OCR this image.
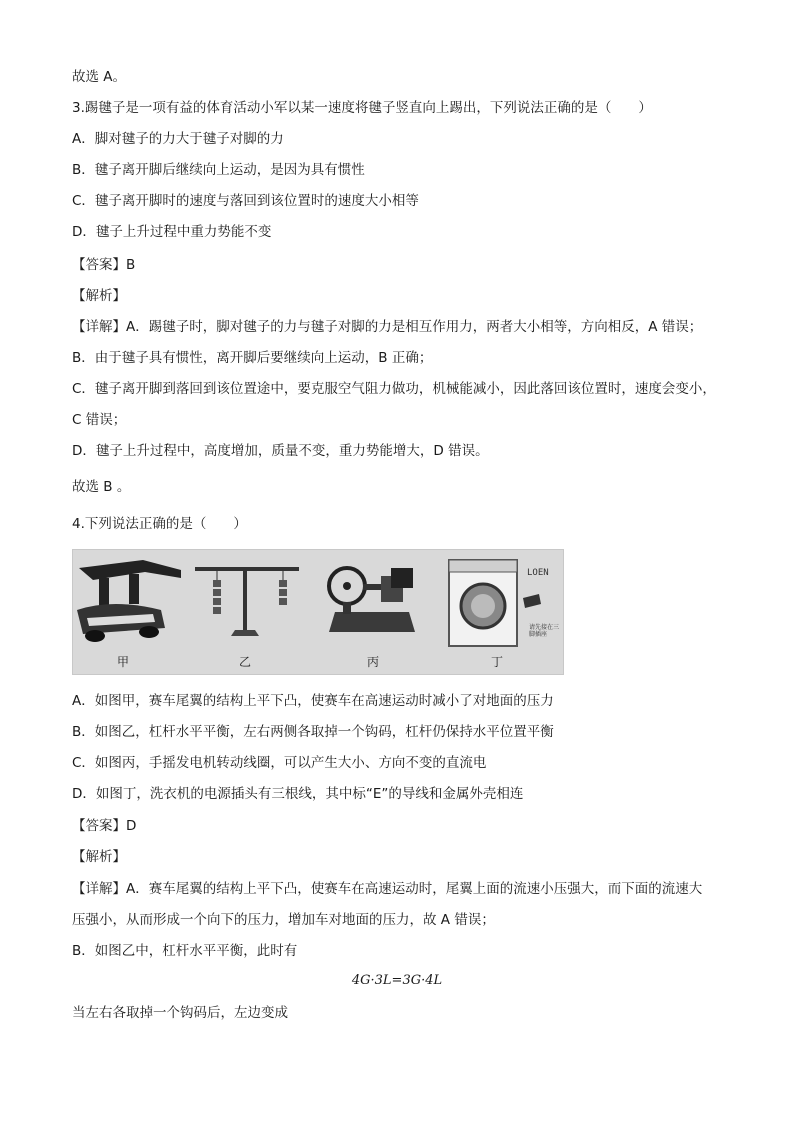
故选 A。
3.踢毽子是一项有益的体育活动小军以某一速度将毽子竖直向上踢出，下列说法正确的是（　　）
A．脚对毽子的力大于毽子对脚的力
B．毽子离开脚后继续向上运动，是因为具有惯性
C．毽子离开脚时的速度与落回到该位置时的速度大小相等
D．毽子上升过程中重力势能不变
【答案】B
【解析】
【详解】A．踢毽子时，脚对毽子的力与毽子对脚的力是相互作用力，两者大小相等，方向相反，A 错误；
B．由于毽子具有惯性，离开脚后要继续向上运动，B 正确；
C．毽子离开脚到落回到该位置途中，要克服空气阻力做功，机械能减小，因此落回该位置时，速度会变小，
C 错误；
D．毽子上升过程中，高度增加，质量不变，重力势能增大，D 错误。
故选 B 。
4.下列说法正确的是（　　）
甲	乙	丙
LOEN
请先接在三脚插座
丁
A．如图甲，赛车尾翼的结构上平下凸，使赛车在高速运动时减小了对地面的压力
B．如图乙，杠杆水平平衡，左右两侧各取掉一个钩码，杠杆仍保持水平位置平衡
C．如图丙，手摇发电机转动线圈，可以产生大小、方向不变的直流电
D．如图丁，洗衣机的电源插头有三根线，其中标“E”的导线和金属外壳相连
【答案】D
【解析】
【详解】A．赛车尾翼的结构上平下凸，使赛车在高速运动时，尾翼上面的流速小压强大，而下面的流速大
压强小，从而形成一个向下的压力，增加车对地面的压力，故 A 错误；
B．如图乙中，杠杆水平平衡，此时有
4G·3L=3G·4L
当左右各取掉一个钩码后，左边变成
